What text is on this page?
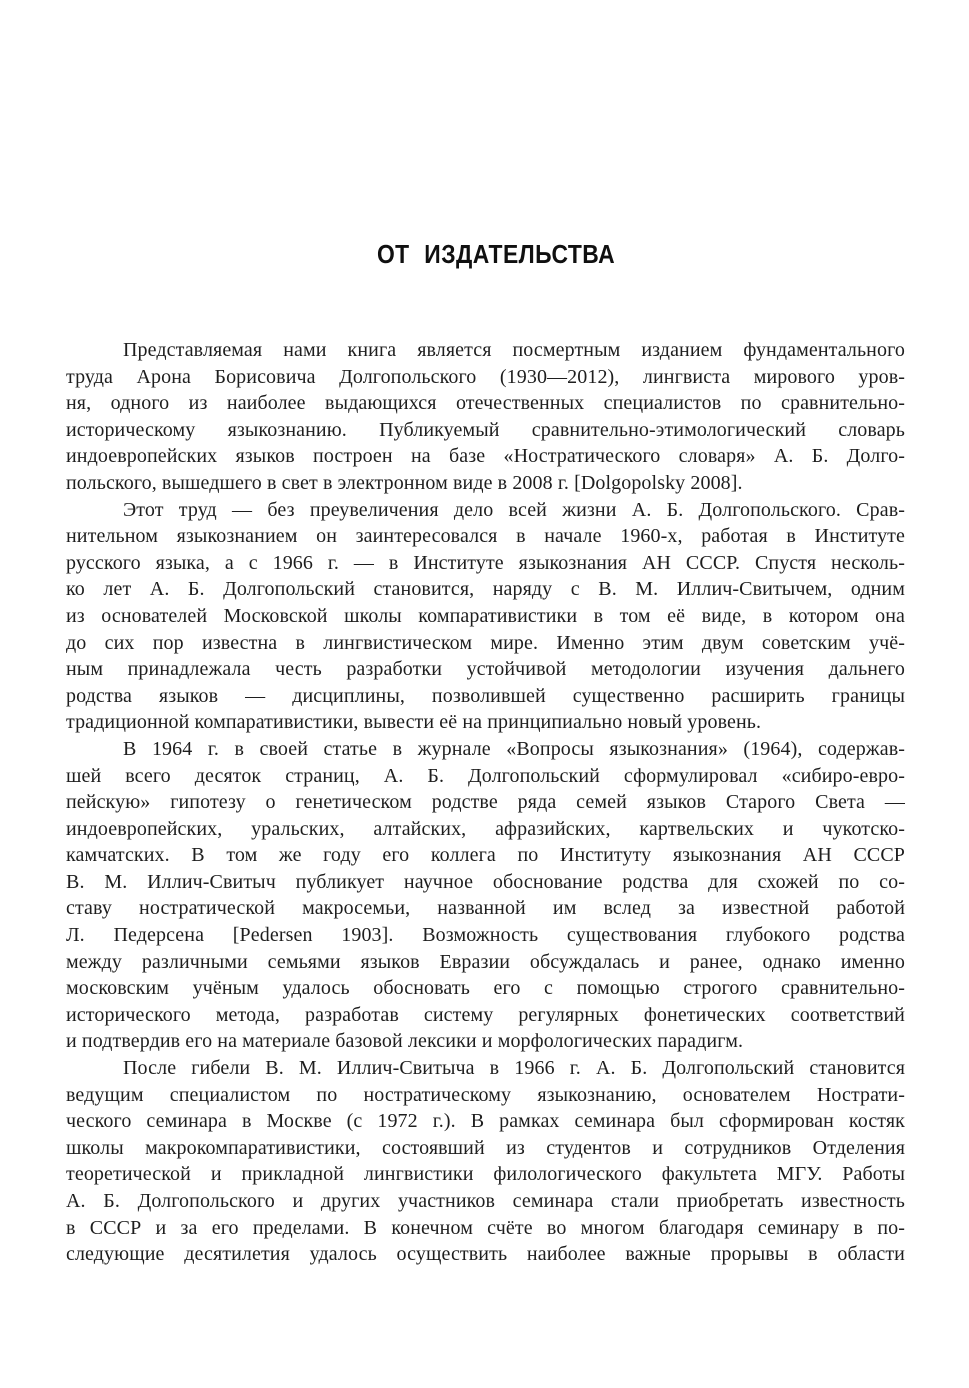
ОТ ИЗДАТЕЛЬСТВА
Представляемая нами книга является посмертным изданием фундаментального
труда Арона Борисовича Долгопольского (1930—2012), лингвиста мирового уров-
ня, одного из наиболее выдающихся отечественных специалистов по сравнительно-
историческому языкознанию. Публикуемый сравнительно-этимологический словарь
индоевропейских языков построен на базе «Ностратического словаря» А. Б. Долго-
польского, вышедшего в свет в электронном виде в 2008 г. [Dolgopolsky 2008].
Этот труд — без преувеличения дело всей жизни А. Б. Долгопольского. Срав-
нительном языкознанием он заинтересовался в начале 1960-х, работая в Институте
русского языка, а с 1966 г. — в Институте языкознания АН СССР. Спустя несколь-
ко лет А. Б. Долгопольский становится, наряду с В. М. Иллич-Свитычем, одним
из основателей Московской школы компаративистики в том её виде, в котором она
до сих пор известна в лингвистическом мире. Именно этим двум советским учё-
ным принадлежала честь разработки устойчивой методологии изучения дальнего
родства языков — дисциплины, позволившей существенно расширить границы
традиционной компаративистики, вывести её на принципиально новый уровень.
В 1964 г. в своей статье в журнале «Вопросы языкознания» (1964), содержав-
шей всего десяток страниц, А. Б. Долгопольский сформулировал «сибиро-евро-
пейскую» гипотезу о генетическом родстве ряда семей языков Старого Света —
индоевропейских, уральских, алтайских, афразийских, картвельских и чукотско-
камчатских. В том же году его коллега по Институту языкознания АН СССР
В. М. Иллич-Свитыч публикует научное обоснование родства для схожей по со-
ставу ностратической макросемьи, названной им вслед за известной работой
Л. Педерсена [Pedersen 1903]. Возможность существования глубокого родства
между различными семьями языков Евразии обсуждалась и ранее, однако именно
московским учёным удалось обосновать его с помощью строгого сравнительно-
исторического метода, разработав систему регулярных фонетических соответствий
и подтвердив его на материале базовой лексики и морфологических парадигм.
После гибели В. М. Иллич-Свитыча в 1966 г. А. Б. Долгопольский становится
ведущим специалистом по ностратическому языкознанию, основателем Нострати-
ческого семинара в Москве (с 1972 г.). В рамках семинара был сформирован костяк
школы макрокомпаративистики, состоявший из студентов и сотрудников Отделения
теоретической и прикладной лингвистики филологического факультета МГУ. Работы
А. Б. Долгопольского и других участников семинара стали приобретать известность
в СССР и за его пределами. В конечном счёте во многом благодаря семинару в по-
следующие десятилетия удалось осуществить наиболее важные прорывы в области
